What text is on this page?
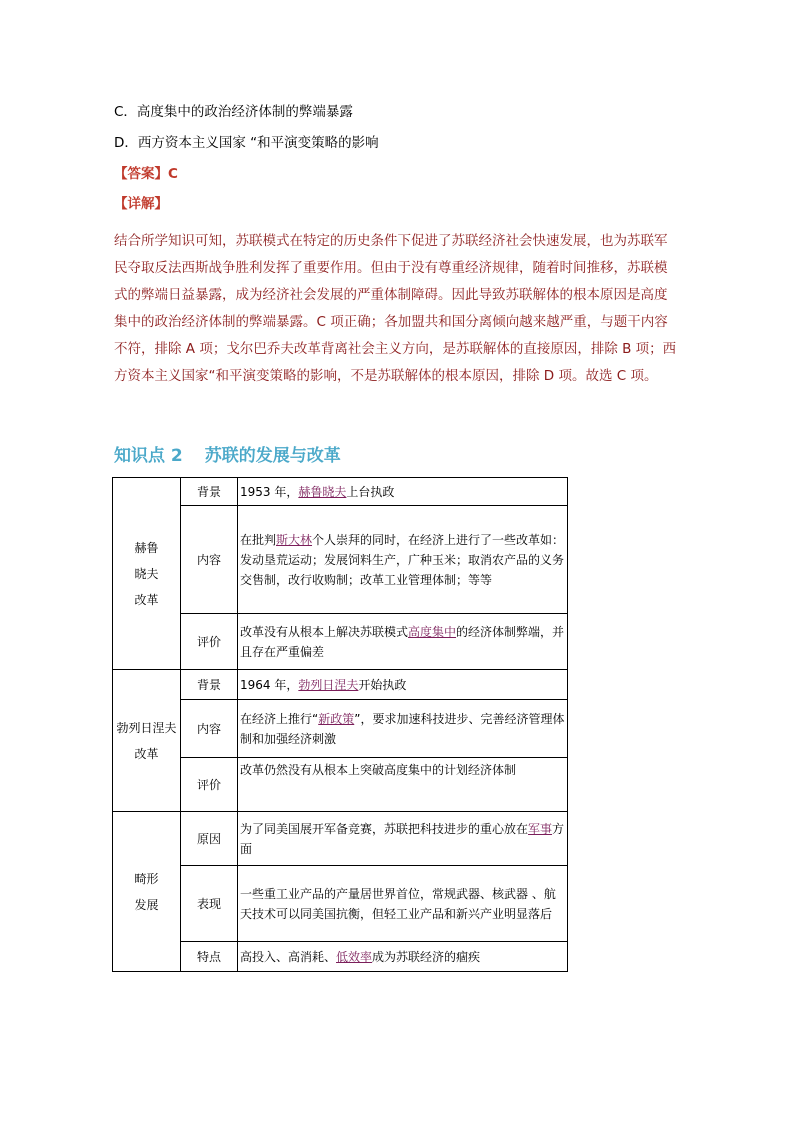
C．高度集中的政治经济体制的弊端暴露
D．西方资本主义国家 “和平演变策略的影响
【答案】C
【详解】
结合所学知识可知，苏联模式在特定的历史条件下促进了苏联经济社会快速发展，也为苏联军
民夺取反法西斯战争胜利发挥了重要作用。但由于没有尊重经济规律，随着时间推移，苏联模
式的弊端日益暴露，成为经济社会发展的严重体制障碍。因此导致苏联解体的根本原因是高度
集中的政治经济体制的弊端暴露。C 项正确；各加盟共和国分离倾向越来越严重，与题干内容
不符，排除 A 项；戈尔巴乔夫改革背离社会主义方向，是苏联解体的直接原因，排除 B 项；西
方资本主义国家“和平演变策略的影响，不是苏联解体的根本原因，排除 D 项。故选 C 项。
知识点 2 苏联的发展与改革
赫鲁
晓夫
改革	背景	1953 年，赫鲁晓夫上台执政
	内容	在批判斯大林个人崇拜的同时，在经济上进行了一些改革如：发动垦荒运动；发展饲料生产，广种玉米；取消农产品的义务交售制，改行收购制；改革工业管理体制；等等
	评价	改革没有从根本上解决苏联模式高度集中的经济体制弊端，并且存在严重偏差

勃列日涅夫
改革	背景	1964 年，勃列日涅夫开始执政
	内容	在经济上推行“新政策”，要求加速科技进步、完善经济管理体制和加强经济刺激
	评价	改革仍然没有从根本上突破高度集中的计划经济体制

畸形
发展	原因	为了同美国展开军备竞赛，苏联把科技进步的重心放在军事方面
	表现	一些重工业产品的产量居世界首位，常规武器、核武器 、航天技术可以同美国抗衡，但轻工业产品和新兴产业明显落后
	特点	高投入、高消耗、低效率成为苏联经济的痼疾
